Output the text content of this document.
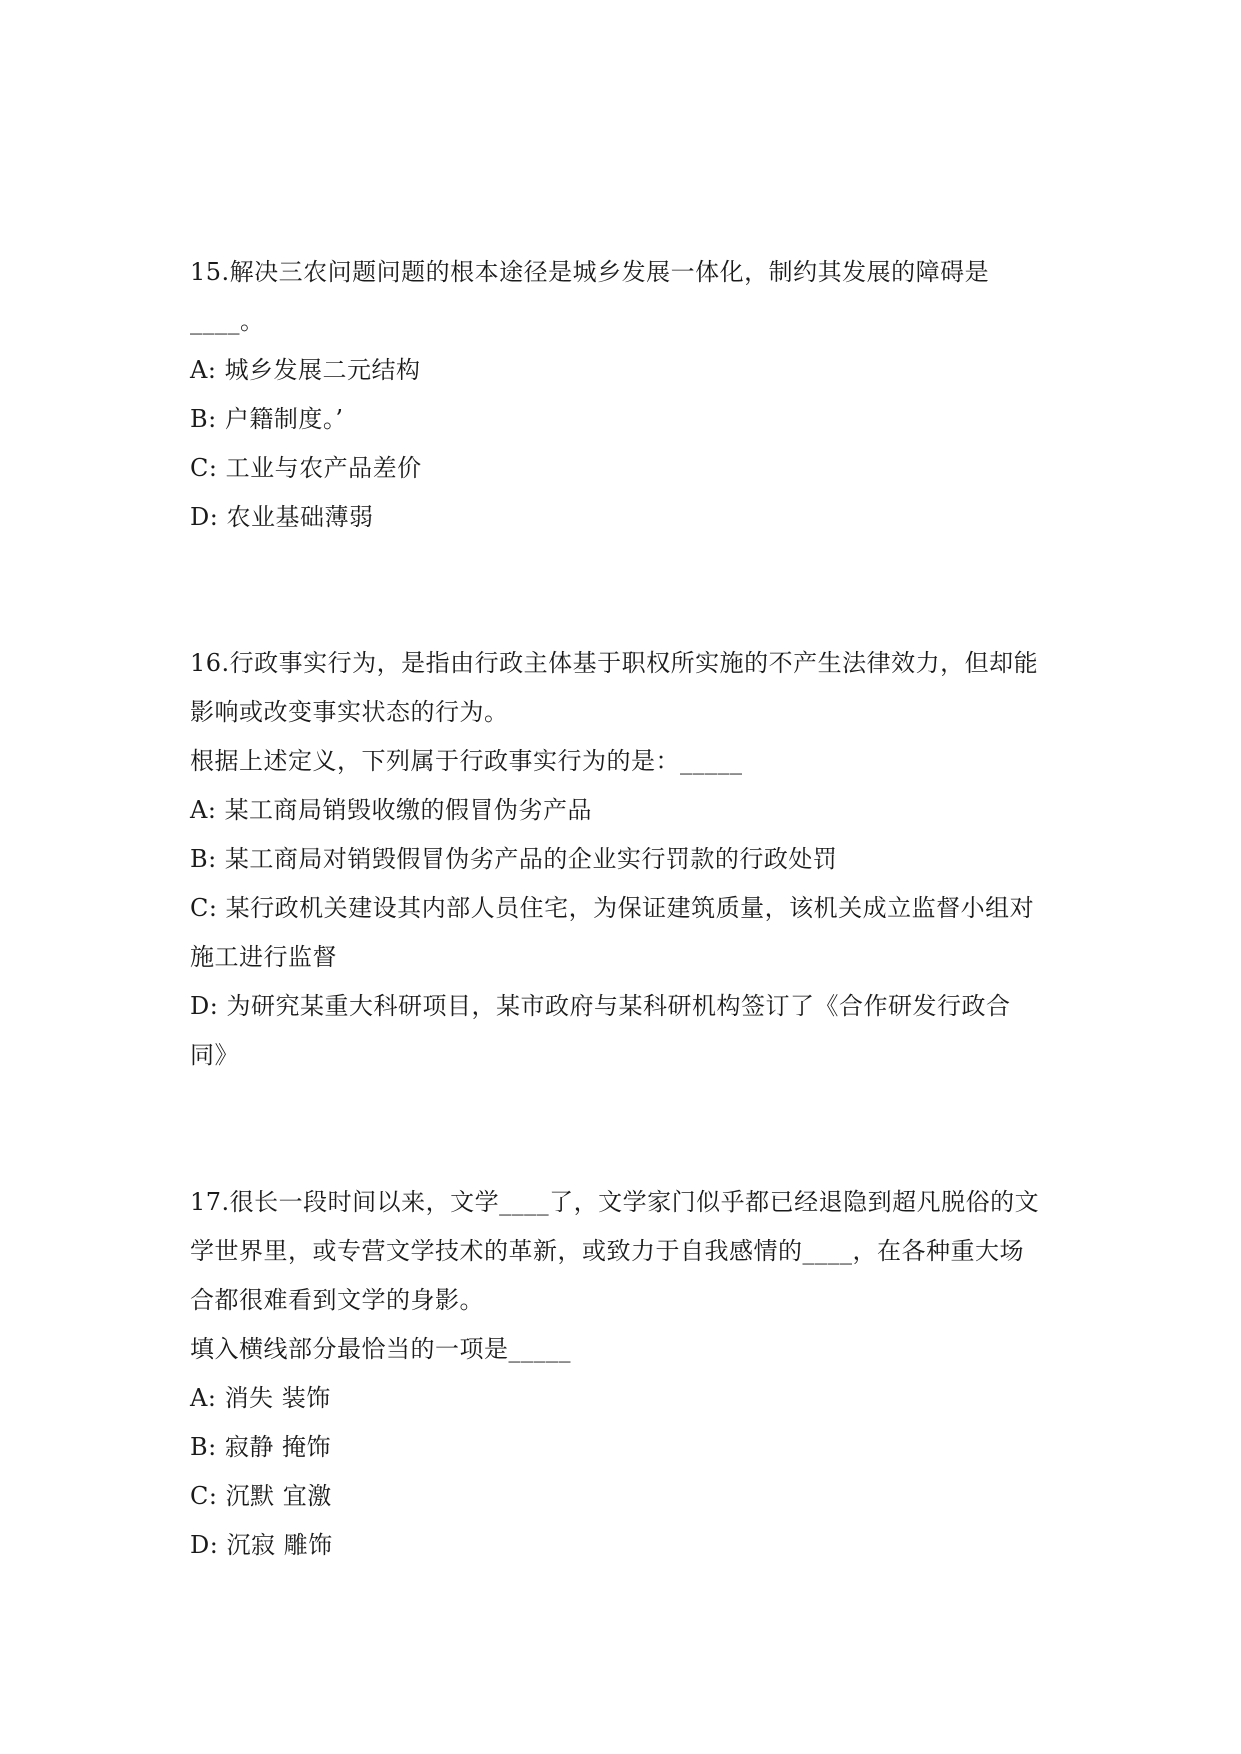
15.解决三农问题问题的根本途径是城乡发展一体化，制约其发展的障碍是
____。
A: 城乡发展二元结构
B: 户籍制度。’
C: 工业与农产品差价
D: 农业基础薄弱
16.行政事实行为，是指由行政主体基于职权所实施的不产生法律效力，但却能
影响或改变事实状态的行为。
根据上述定义，下列属于行政事实行为的是：_____
A: 某工商局销毁收缴的假冒伪劣产品
B: 某工商局对销毁假冒伪劣产品的企业实行罚款的行政处罚
C: 某行政机关建设其内部人员住宅，为保证建筑质量，该机关成立监督小组对
施工进行监督
D: 为研究某重大科研项目，某市政府与某科研机构签订了《合作研发行政合
同》
17.很长一段时间以来，文学____了，文学家门似乎都已经退隐到超凡脱俗的文
学世界里，或专营文学技术的革新，或致力于自我感情的____，在各种重大场
合都很难看到文学的身影。
填入横线部分最恰当的一项是_____
A: 消失 装饰
B: 寂静 掩饰
C: 沉默 宜激
D: 沉寂 雕饰
